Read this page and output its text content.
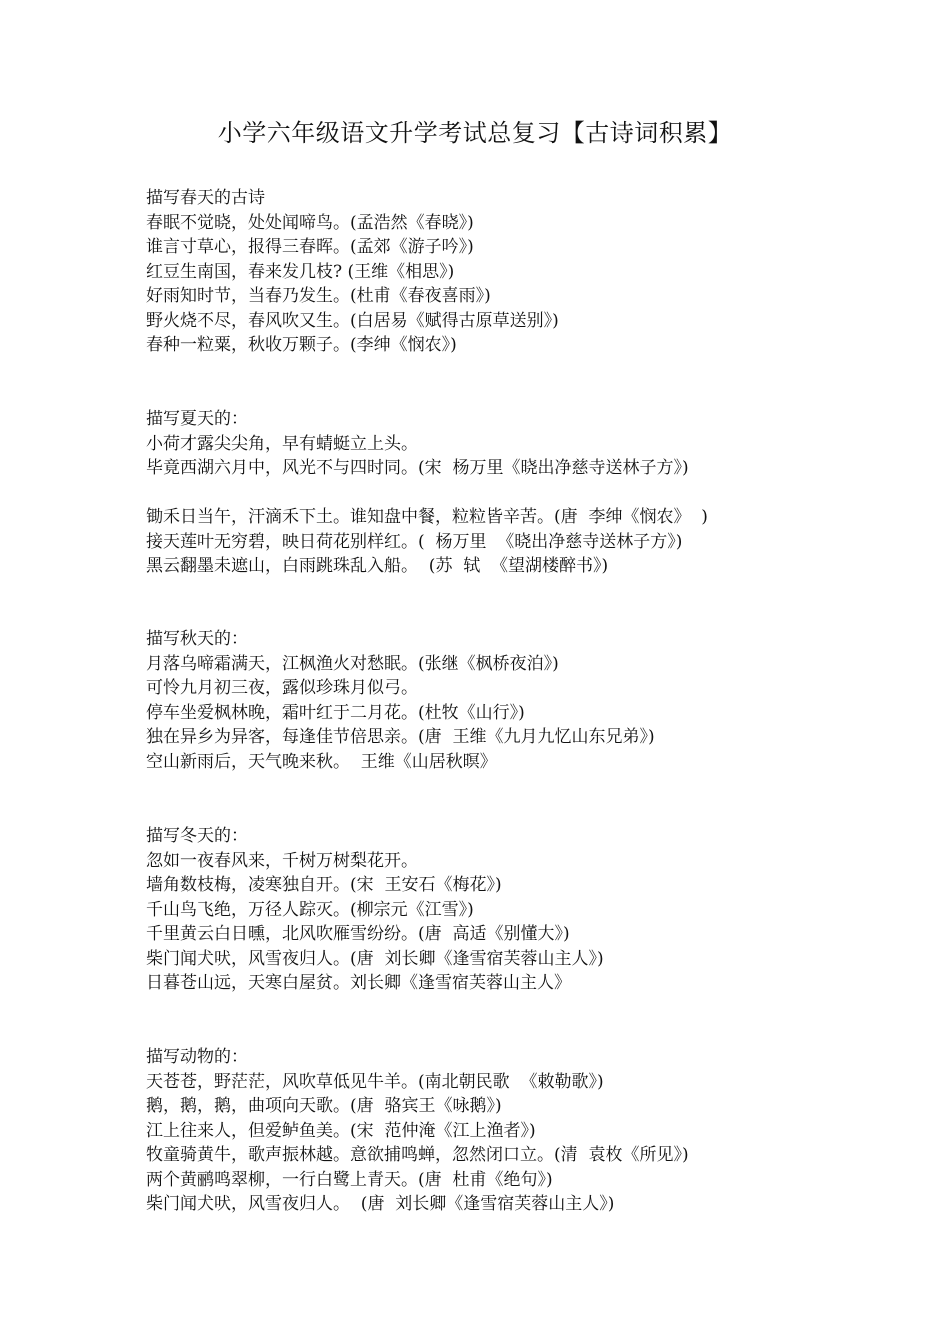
小学六年级语文升学考试总复习【古诗词积累】
描写春天的古诗
春眠不觉晓，处处闻啼鸟。(孟浩然《春晓》)
谁言寸草心，报得三春晖。(孟郊《游子吟》)
红豆生南国，春来发几枝? (王维《相思》)
好雨知时节，当春乃发生。(杜甫《春夜喜雨》)
野火烧不尽，春风吹又生。(白居易《赋得古原草送别》)
春种一粒粟，秋收万颗子。(李绅《悯农》)
描写夏天的：
小荷才露尖尖角，早有蜻蜓立上头。
毕竟西湖六月中，风光不与四时同。(宋  杨万里《晓出净慈寺送林子方》)
锄禾日当午，汗滴禾下土。谁知盘中餐，粒粒皆辛苦。(唐  李绅《悯农》  )
接天莲叶无穷碧，映日荷花别样红。(  杨万里  《晓出净慈寺送林子方》)
黑云翻墨未遮山，白雨跳珠乱入船。  (苏  轼  《望湖楼醉书》)
描写秋天的：
月落乌啼霜满天，江枫渔火对愁眠。(张继《枫桥夜泊》)
可怜九月初三夜，露似珍珠月似弓。
停车坐爱枫林晚，霜叶红于二月花。(杜牧《山行》)
独在异乡为异客，每逢佳节倍思亲。(唐  王维《九月九忆山东兄弟》)
空山新雨后，天气晚来秋。  王维《山居秋暝》
描写冬天的：
忽如一夜春风来，千树万树梨花开。
墙角数枝梅，凌寒独自开。(宋  王安石《梅花》)
千山鸟飞绝，万径人踪灭。(柳宗元《江雪》)
千里黄云白日曛，北风吹雁雪纷纷。(唐  高适《别懂大》)
柴门闻犬吠，风雪夜归人。(唐  刘长卿《逢雪宿芙蓉山主人》)
日暮苍山远，天寒白屋贫。刘长卿《逢雪宿芙蓉山主人》
描写动物的：
天苍苍，野茫茫，风吹草低见牛羊。(南北朝民歌  《敕勒歌》)
鹅，鹅，鹅，曲项向天歌。(唐  骆宾王《咏鹅》)
江上往来人，但爱鲈鱼美。(宋  范仲淹《江上渔者》)
牧童骑黄牛，歌声振林越。意欲捕鸣蝉，忽然闭口立。(清  袁枚《所见》)
两个黄鹂鸣翠柳，一行白鹭上青天。(唐  杜甫《绝句》)
柴门闻犬吠，风雪夜归人。  (唐  刘长卿《逢雪宿芙蓉山主人》)
